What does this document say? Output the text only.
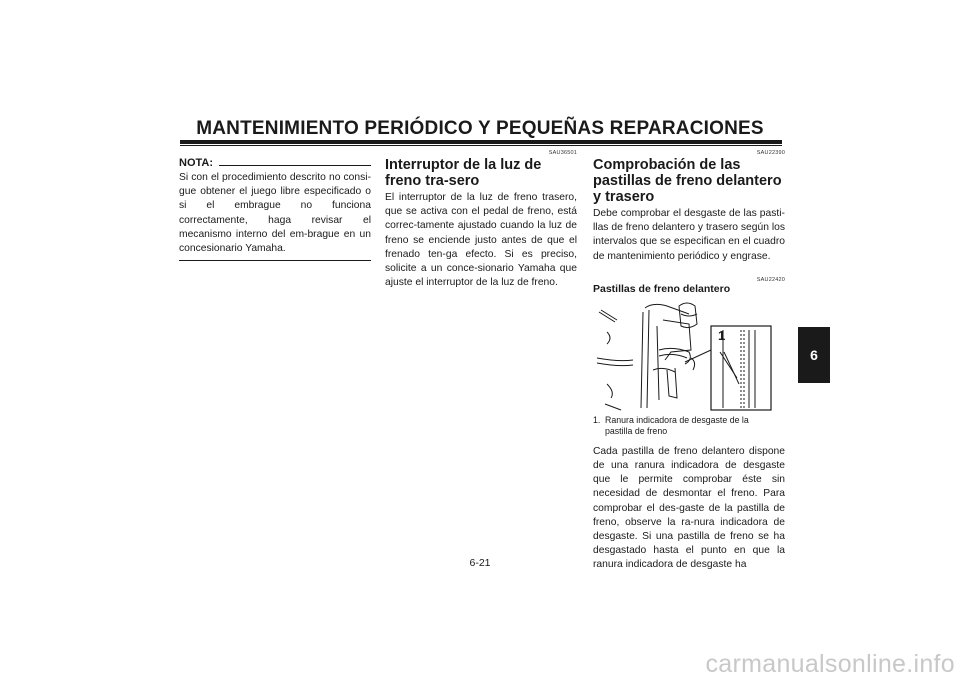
MANTENIMIENTO PERIÓDICO Y PEQUEÑAS REPARACIONES
NOTA:
Si con el procedimiento descrito no consi-gue obtener el juego libre especificado o si el embrague no funciona correctamente, haga revisar el mecanismo interno del em-brague en un concesionario Yamaha.
SAU36501
Interruptor de la luz de freno tra-sero
El interruptor de la luz de freno trasero, que se activa con el pedal de freno, está correc-tamente ajustado cuando la luz de freno se enciende justo antes de que el frenado ten-ga efecto. Si es preciso, solicite a un conce-sionario Yamaha que ajuste el interruptor de la luz de freno.
SAU22390
Comprobación de las pastillas de freno delantero y trasero
Debe comprobar el desgaste de las pasti-llas de freno delantero y trasero según los intervalos que se especifican en el cuadro de mantenimiento periódico y engrase.
SAU22420
Pastillas de freno delantero
1
1. Ranura indicadora de desgaste de la pastilla de freno
Cada pastilla de freno delantero dispone de una ranura indicadora de desgaste que le permite comprobar éste sin necesidad de desmontar el freno. Para comprobar el des-gaste de la pastilla de freno, observe la ra-nura indicadora de desgaste. Si una pastilla de freno se ha desgastado hasta el punto en que la ranura indicadora de desgaste ha
6
6-21
carmanualsonline.info
